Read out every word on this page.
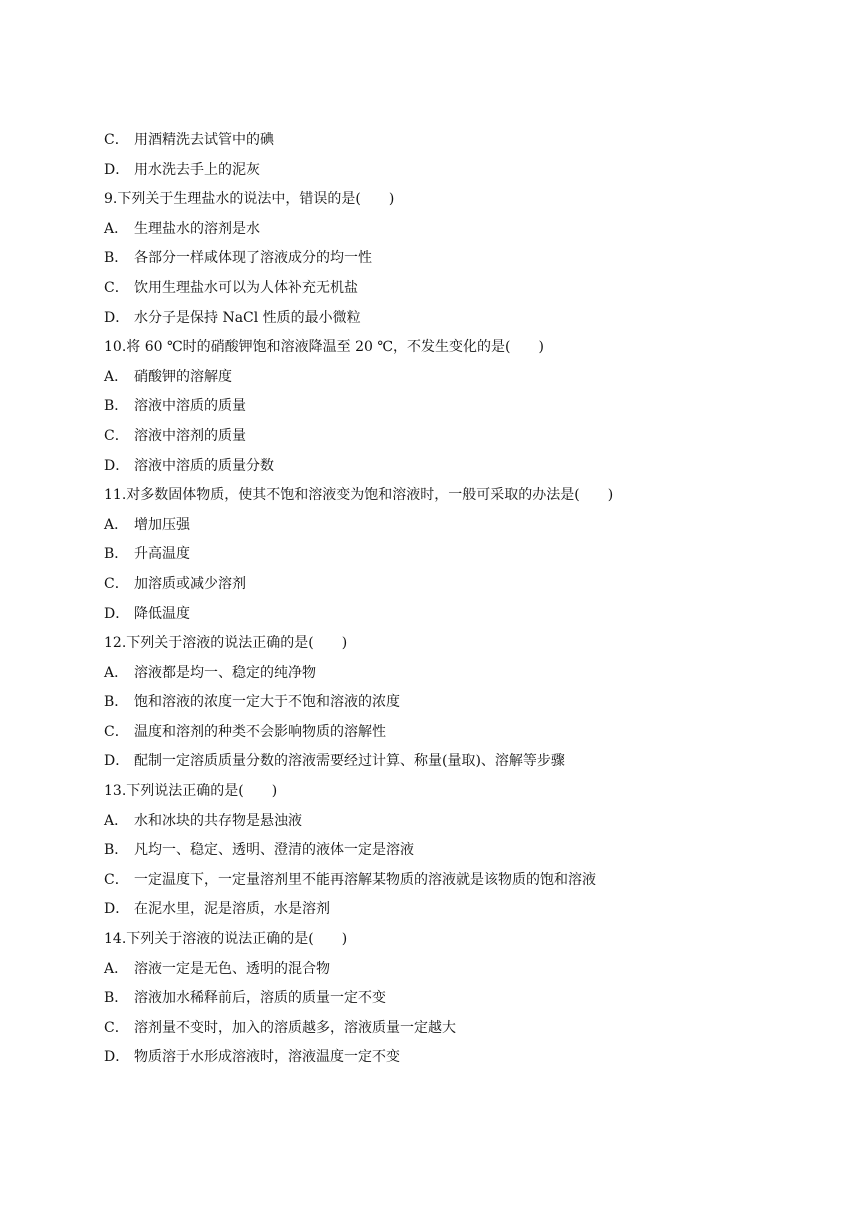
C． 用酒精洗去试管中的碘
D． 用水洗去手上的泥灰
9.下列关于生理盐水的说法中，错误的是(　　)
A． 生理盐水的溶剂是水
B． 各部分一样咸体现了溶液成分的均一性
C． 饮用生理盐水可以为人体补充无机盐
D． 水分子是保持 NaCl 性质的最小微粒
10.将 60 ℃时的硝酸钾饱和溶液降温至 20 ℃，不发生变化的是(　　)
A． 硝酸钾的溶解度
B． 溶液中溶质的质量
C． 溶液中溶剂的质量
D． 溶液中溶质的质量分数
11.对多数固体物质，使其不饱和溶液变为饱和溶液时，一般可采取的办法是(　　)
A． 增加压强
B． 升高温度
C． 加溶质或减少溶剂
D． 降低温度
12.下列关于溶液的说法正确的是(　　)
A． 溶液都是均一、稳定的纯净物
B． 饱和溶液的浓度一定大于不饱和溶液的浓度
C． 温度和溶剂的种类不会影响物质的溶解性
D． 配制一定溶质质量分数的溶液需要经过计算、称量(量取)、溶解等步骤
13.下列说法正确的是(　　)
A． 水和冰块的共存物是悬浊液
B． 凡均一、稳定、透明、澄清的液体一定是溶液
C． 一定温度下，一定量溶剂里不能再溶解某物质的溶液就是该物质的饱和溶液
D． 在泥水里，泥是溶质，水是溶剂
14.下列关于溶液的说法正确的是(　　)
A． 溶液一定是无色、透明的混合物
B． 溶液加水稀释前后，溶质的质量一定不变
C． 溶剂量不变时，加入的溶质越多，溶液质量一定越大
D． 物质溶于水形成溶液时，溶液温度一定不变
